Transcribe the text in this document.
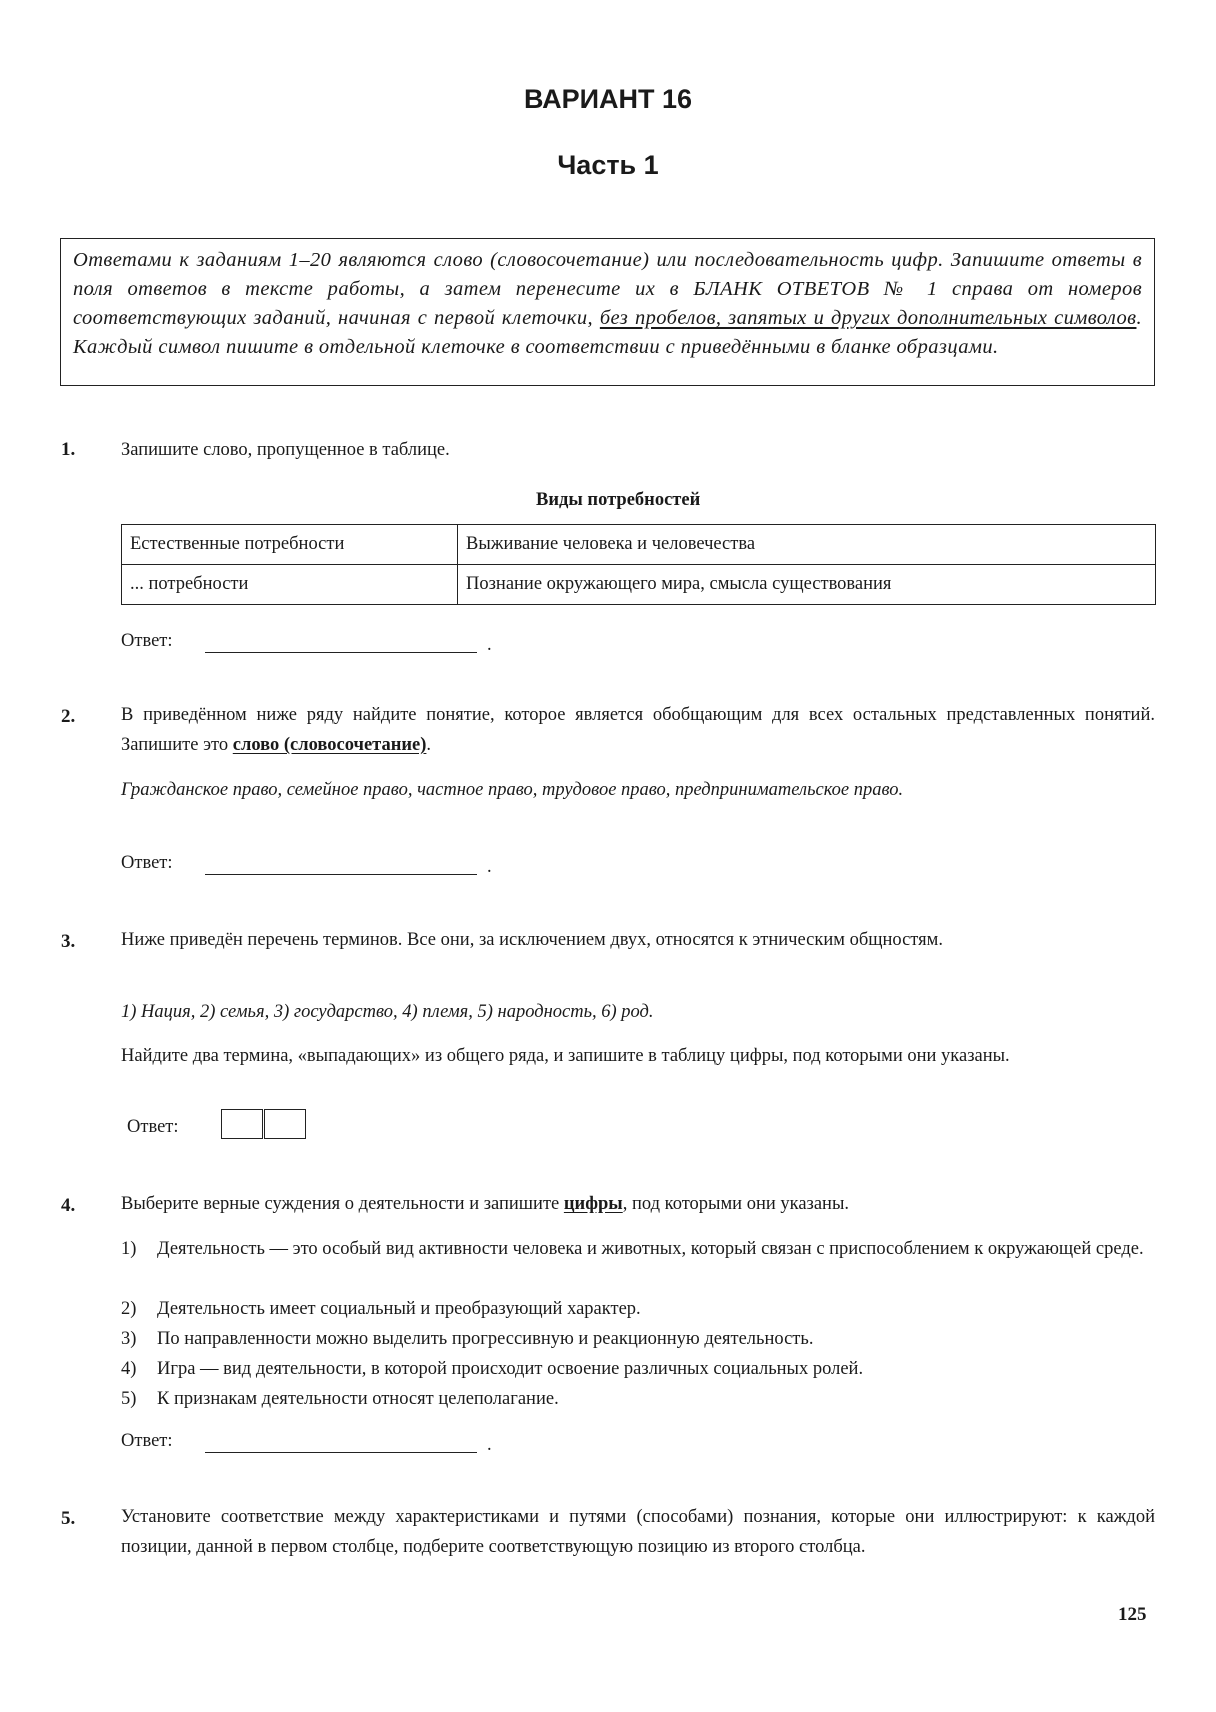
ВАРИАНТ 16
Часть 1
Ответами к заданиям 1–20 являются слово (словосочетание) или последовательность цифр. Запишите ответы в поля ответов в тексте работы, а затем перенесите их в БЛАНК ОТВЕТОВ № 1 справа от номеров соответствующих заданий, начиная с первой клеточки, без пробелов, запятых и других дополнительных символов. Каждый символ пишите в отдельной клеточке в соответствии с приведёнными в бланке образцами.
1. Запишите слово, пропущенное в таблице.
Виды потребностей
Естественные потребности	Выживание человека и человечества
... потребности	Познание окружающего мира, смысла существования
Ответ:	.
2. В приведённом ниже ряду найдите понятие, которое является обобщающим для всех остальных представленных понятий. Запишите это слово (словосочетание).
Гражданское право, семейное право, частное право, трудовое право, предпринимательское право.
Ответ:	.
3. Ниже приведён перечень терминов. Все они, за исключением двух, относятся к этническим общностям.
1) Нация, 2) семья, 3) государство, 4) племя, 5) народность, 6) род.
Найдите два термина, «выпадающих» из общего ряда, и запишите в таблицу цифры, под которыми они указаны.
Ответ:
4. Выберите верные суждения о деятельности и запишите цифры, под которыми они указаны.
1) Деятельность — это особый вид активности человека и животных, который связан с приспособлением к окружающей среде.
2) Деятельность имеет социальный и преобразующий характер.
3) По направленности можно выделить прогрессивную и реакционную деятельность.
4) Игра — вид деятельности, в которой происходит освоение различных социальных ролей.
5) К признакам деятельности относят целеполагание.
Ответ:	.
5. Установите соответствие между характеристиками и путями (способами) познания, которые они иллюстрируют: к каждой позиции, данной в первом столбце, подберите соответствующую позицию из второго столбца.
125
